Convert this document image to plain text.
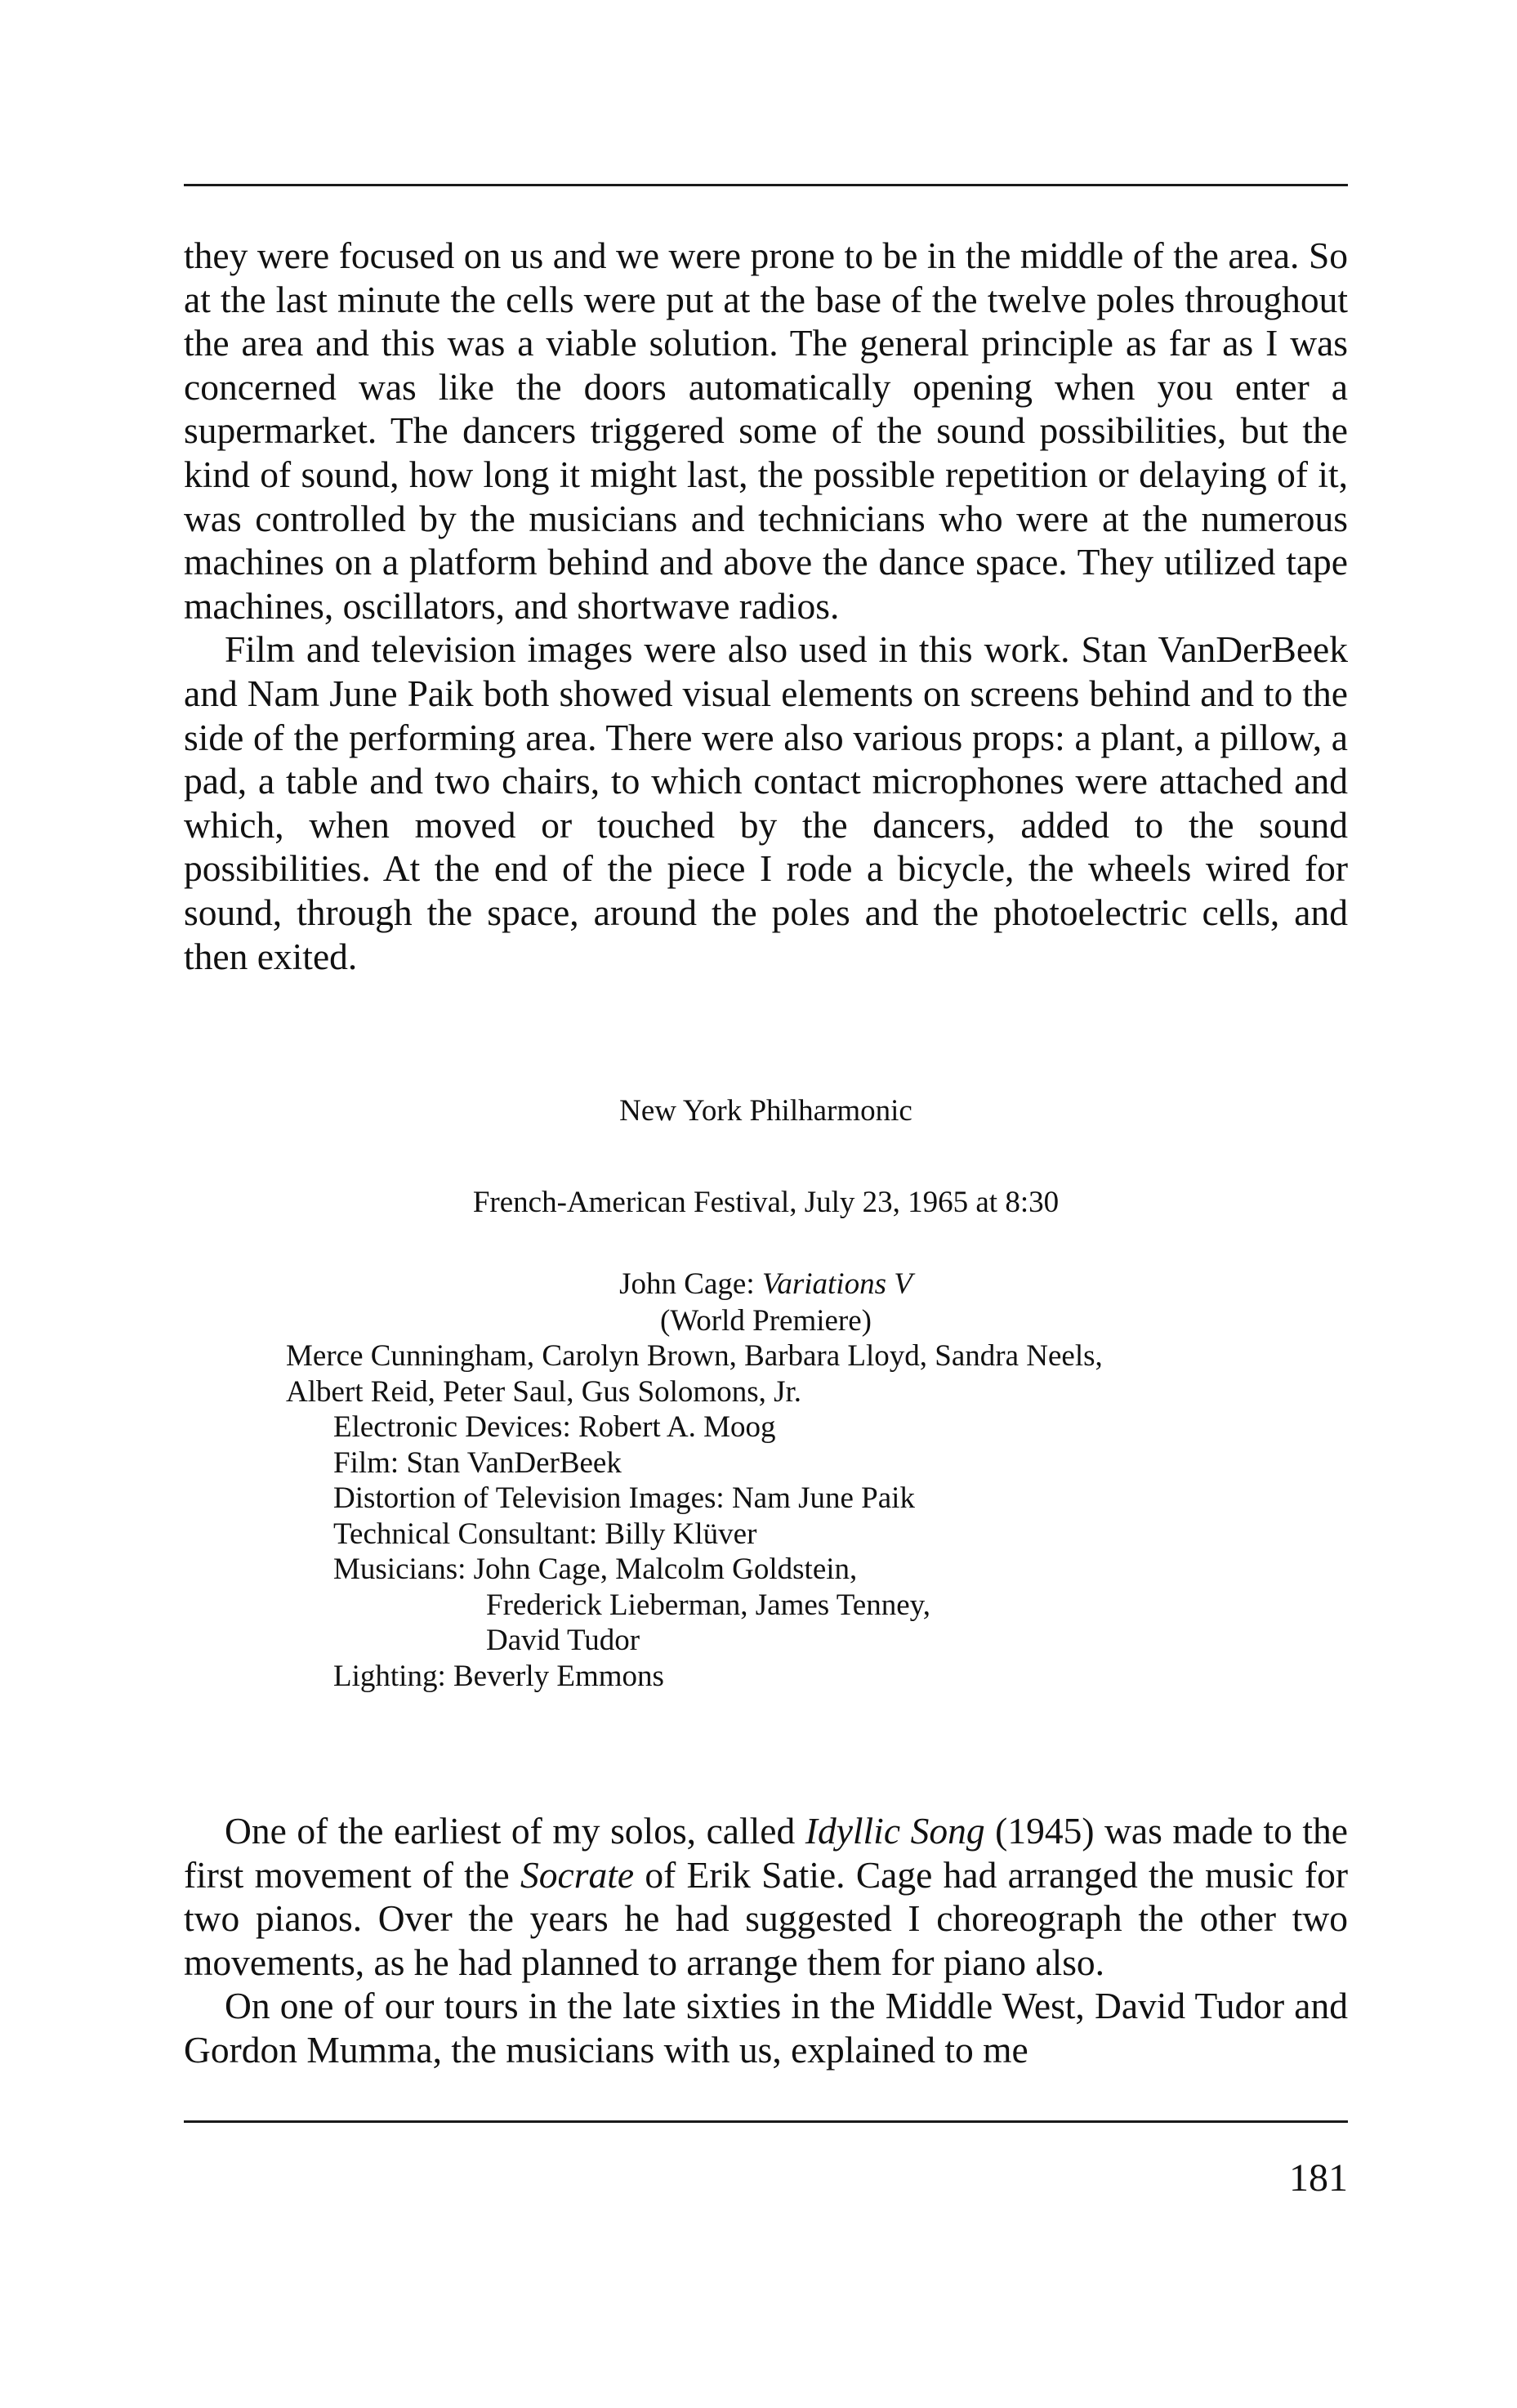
they were focused on us and we were prone to be in the middle of the area. So at the last minute the cells were put at the base of the twelve poles throughout the area and this was a viable solution. The general principle as far as I was concerned was like the doors automatically opening when you enter a supermarket. The dancers triggered some of the sound possibilities, but the kind of sound, how long it might last, the possible repetition or delaying of it, was controlled by the musicians and technicians who were at the numerous machines on a platform behind and above the dance space. They utilized tape machines, oscillators, and shortwave radios.

Film and television images were also used in this work. Stan VanDerBeek and Nam June Paik both showed visual elements on screens behind and to the side of the performing area. There were also various props: a plant, a pillow, a pad, a table and two chairs, to which contact microphones were attached and which, when moved or touched by the dancers, added to the sound possibilities. At the end of the piece I rode a bicycle, the wheels wired for sound, through the space, around the poles and the photoelectric cells, and then exited.

New York Philharmonic
French-American Festival, July 23, 1965 at 8:30
John Cage: Variations V
(World Premiere)
Merce Cunningham, Carolyn Brown, Barbara Lloyd, Sandra Neels,
Albert Reid, Peter Saul, Gus Solomons, Jr.
Electronic Devices: Robert A. Moog
Film: Stan VanDerBeek
Distortion of Television Images: Nam June Paik
Technical Consultant: Billy Klüver
Musicians: John Cage, Malcolm Goldstein,
Frederick Lieberman, James Tenney,
David Tudor
Lighting: Beverly Emmons

One of the earliest of my solos, called Idyllic Song (1945) was made to the first movement of the Socrate of Erik Satie. Cage had arranged the music for two pianos. Over the years he had suggested I choreograph the other two movements, as he had planned to arrange them for piano also.

On one of our tours in the late sixties in the Middle West, David Tudor and Gordon Mumma, the musicians with us, explained to me

181
